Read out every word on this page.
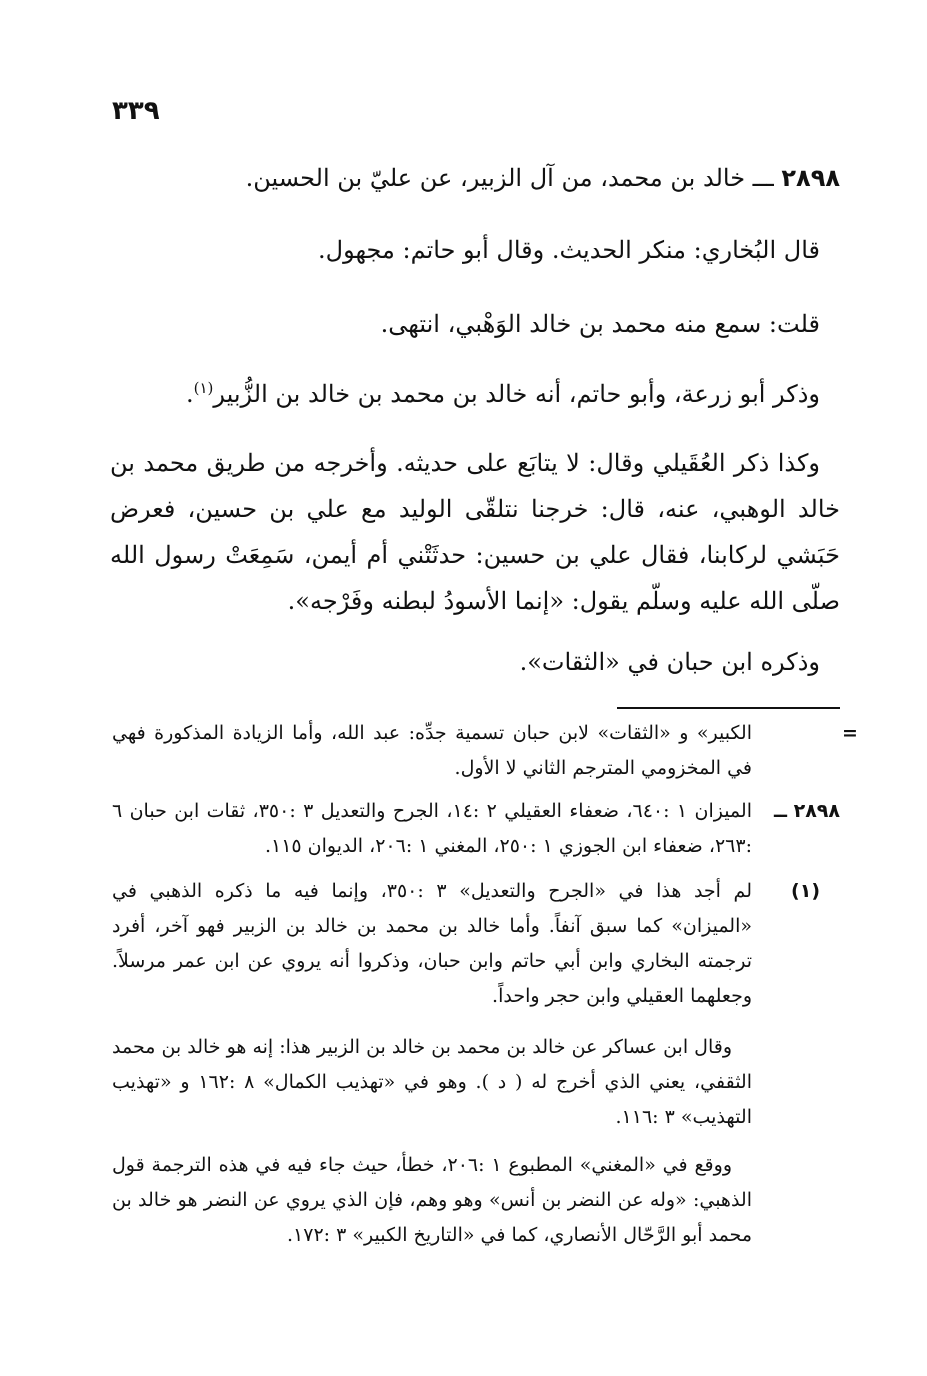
٣٣٩

٢٨٩٨ ـــ خالد بن محمد، من آل الزبير، عن عليّ بن الحسين.

قال البُخاري: منكر الحديث. وقال أبو حاتم: مجهول.

قلت: سمع منه محمد بن خالد الوَهْبي، انتهى.

وذكر أبو زرعة، وأبو حاتم، أنه خالد بن محمد بن خالد بن الزُّبير$^{(١)}$.

وكذا ذكر العُقَيلي وقال: لا يتابَع على حديثه. وأخرجه من طريق محمد بن خالد الوهبي، عنه، قال: خرجنا نتلقّى الوليد مع علي بن حسين، فعرض حَبَشي لركابنا، فقال علي بن حسين: حدثَتْني أم أيمن، سَمِعَتْ رسول الله صلّى الله عليه وسلّم يقول: «إنما الأسودُ لبطنه وفَرْجه».

وذكره ابن حبان في «الثقات».

=
الكبير» و «الثقات» لابن حبان تسمية جدِّه: عبد الله، وأما الزيادة المذكورة فهي في المخزومي المترجم الثاني لا الأول.
٢٨٩٨ ــ
الميزان ١ :٦٤٠، ضعفاء العقيلي ٢ :١٤، الجرح والتعديل ٣ :٣٥٠، ثقات ابن حبان ٦ :٢٦٣، ضعفاء ابن الجوزي ١ :٢٥٠، المغني ١ :٢٠٦، الديوان ١١٥.
(١)
لم أجد هذا في «الجرح والتعديل» ٣ :٣٥٠، وإنما فيه ما ذكره الذهبي في «الميزان» كما سبق آنفاً. وأما خالد بن محمد بن خالد بن الزبير فهو آخر، أفرد ترجمته البخاري وابن أبي حاتم وابن حبان، وذكروا أنه يروي عن ابن عمر مرسلاً. وجعلهما العقيلي وابن حجر واحداً.
وقال ابن عساكر عن خالد بن محمد بن خالد بن الزبير هذا: إنه هو خالد بن محمد الثقفي، يعني الذي أخرج له ( د ). وهو في «تهذيب الكمال» ٨ :١٦٢ و «تهذيب التهذيب» ٣ :١١٦.
ووقع في «المغني» المطبوع ١ :٢٠٦، خطأ، حيث جاء فيه في هذه الترجمة قول الذهبي: «وله عن النضر بن أنس» وهو وهم، فإن الذي يروي عن النضر هو خالد بن محمد أبو الرَّحّال الأنصاري، كما في «التاريخ الكبير» ٣ :١٧٢.
